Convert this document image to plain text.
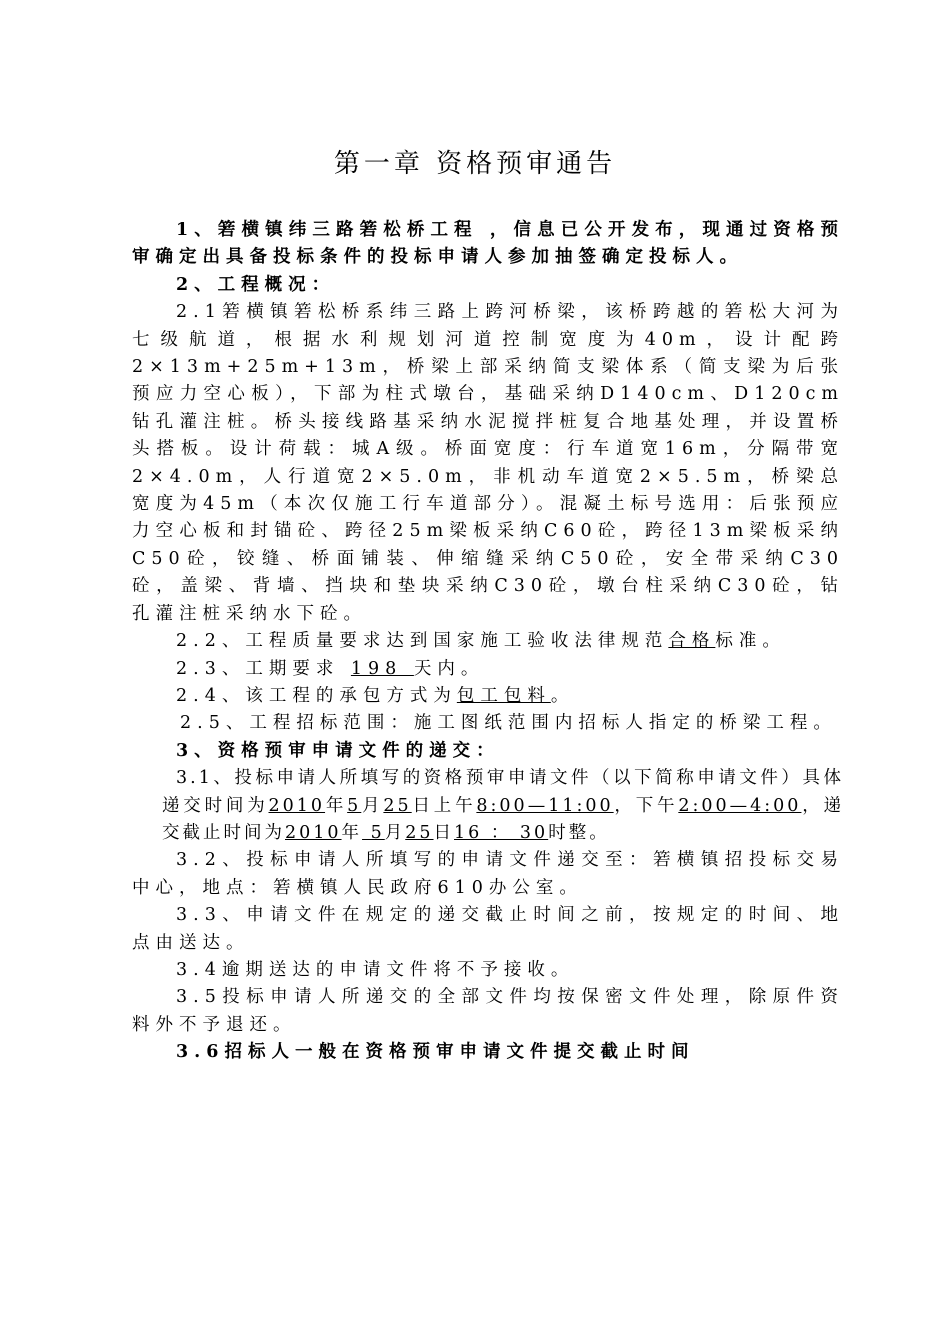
第一章 资格预审通告

1、箬横镇纬三路箬松桥工程 ，信息已公开发布，现通过资格预审确定出具备投标条件的投标申请人参加抽签确定投标人。

2、工程概况：

2.1箬横镇箬松桥系纬三路上跨河桥梁，该桥跨越的箬松大河为七级航道，根据水利规划河道控制宽度为40m，设计配跨2×13m+25m+13m，桥梁上部采纳简支梁体系（简支梁为后张预应力空心板），下部为柱式墩台，基础采纳D140cm、D120cm钻孔灌注桩。桥头接线路基采纳水泥搅拌桩复合地基处理，并设置桥头搭板。设计荷载：城A级。桥面宽度：行车道宽16m，分隔带宽2×4.0m，人行道宽2×5.0m，非机动车道宽2×5.5m，桥梁总宽度为45m（本次仅施工行车道部分）。混凝土标号选用：后张预应力空心板和封锚砼、跨径25m梁板采纳C60砼，跨径13m梁板采纳C50砼，铰缝、桥面铺装、伸缩缝采纳C50砼，安全带采纳C30砼，盖梁、背墙、挡块和垫块采纳C30砼，墩台柱采纳C30砼，钻孔灌注桩采纳水下砼。

2.2、工程质量要求达到国家施工验收法律规范合格标准。

2.3、工期要求 198 天内。

2.4、该工程的承包方式为包工包料。

2.5、工程招标范围：施工图纸范围内招标人指定的桥梁工程。

3、资格预审申请文件的递交：

3.1、投标申请人所填写的资格预审申请文件（以下简称申请文件）具体递交时间为2010年5月25日上午8:00—11:00，下午2:00—4:00，递交截止时间为2010年 5月25日16 ： 30时整。

3.2、投标申请人所填写的申请文件递交至：箬横镇招投标交易中心，地点：箬横镇人民政府610办公室。

3.3、申请文件在规定的递交截止时间之前，按规定的时间、地点由送达。

3.4逾期送达的申请文件将不予接收。

3.5投标申请人所递交的全部文件均按保密文件处理，除原件资料外不予退还。

3.6招标人一般在资格预审申请文件提交截止时间
